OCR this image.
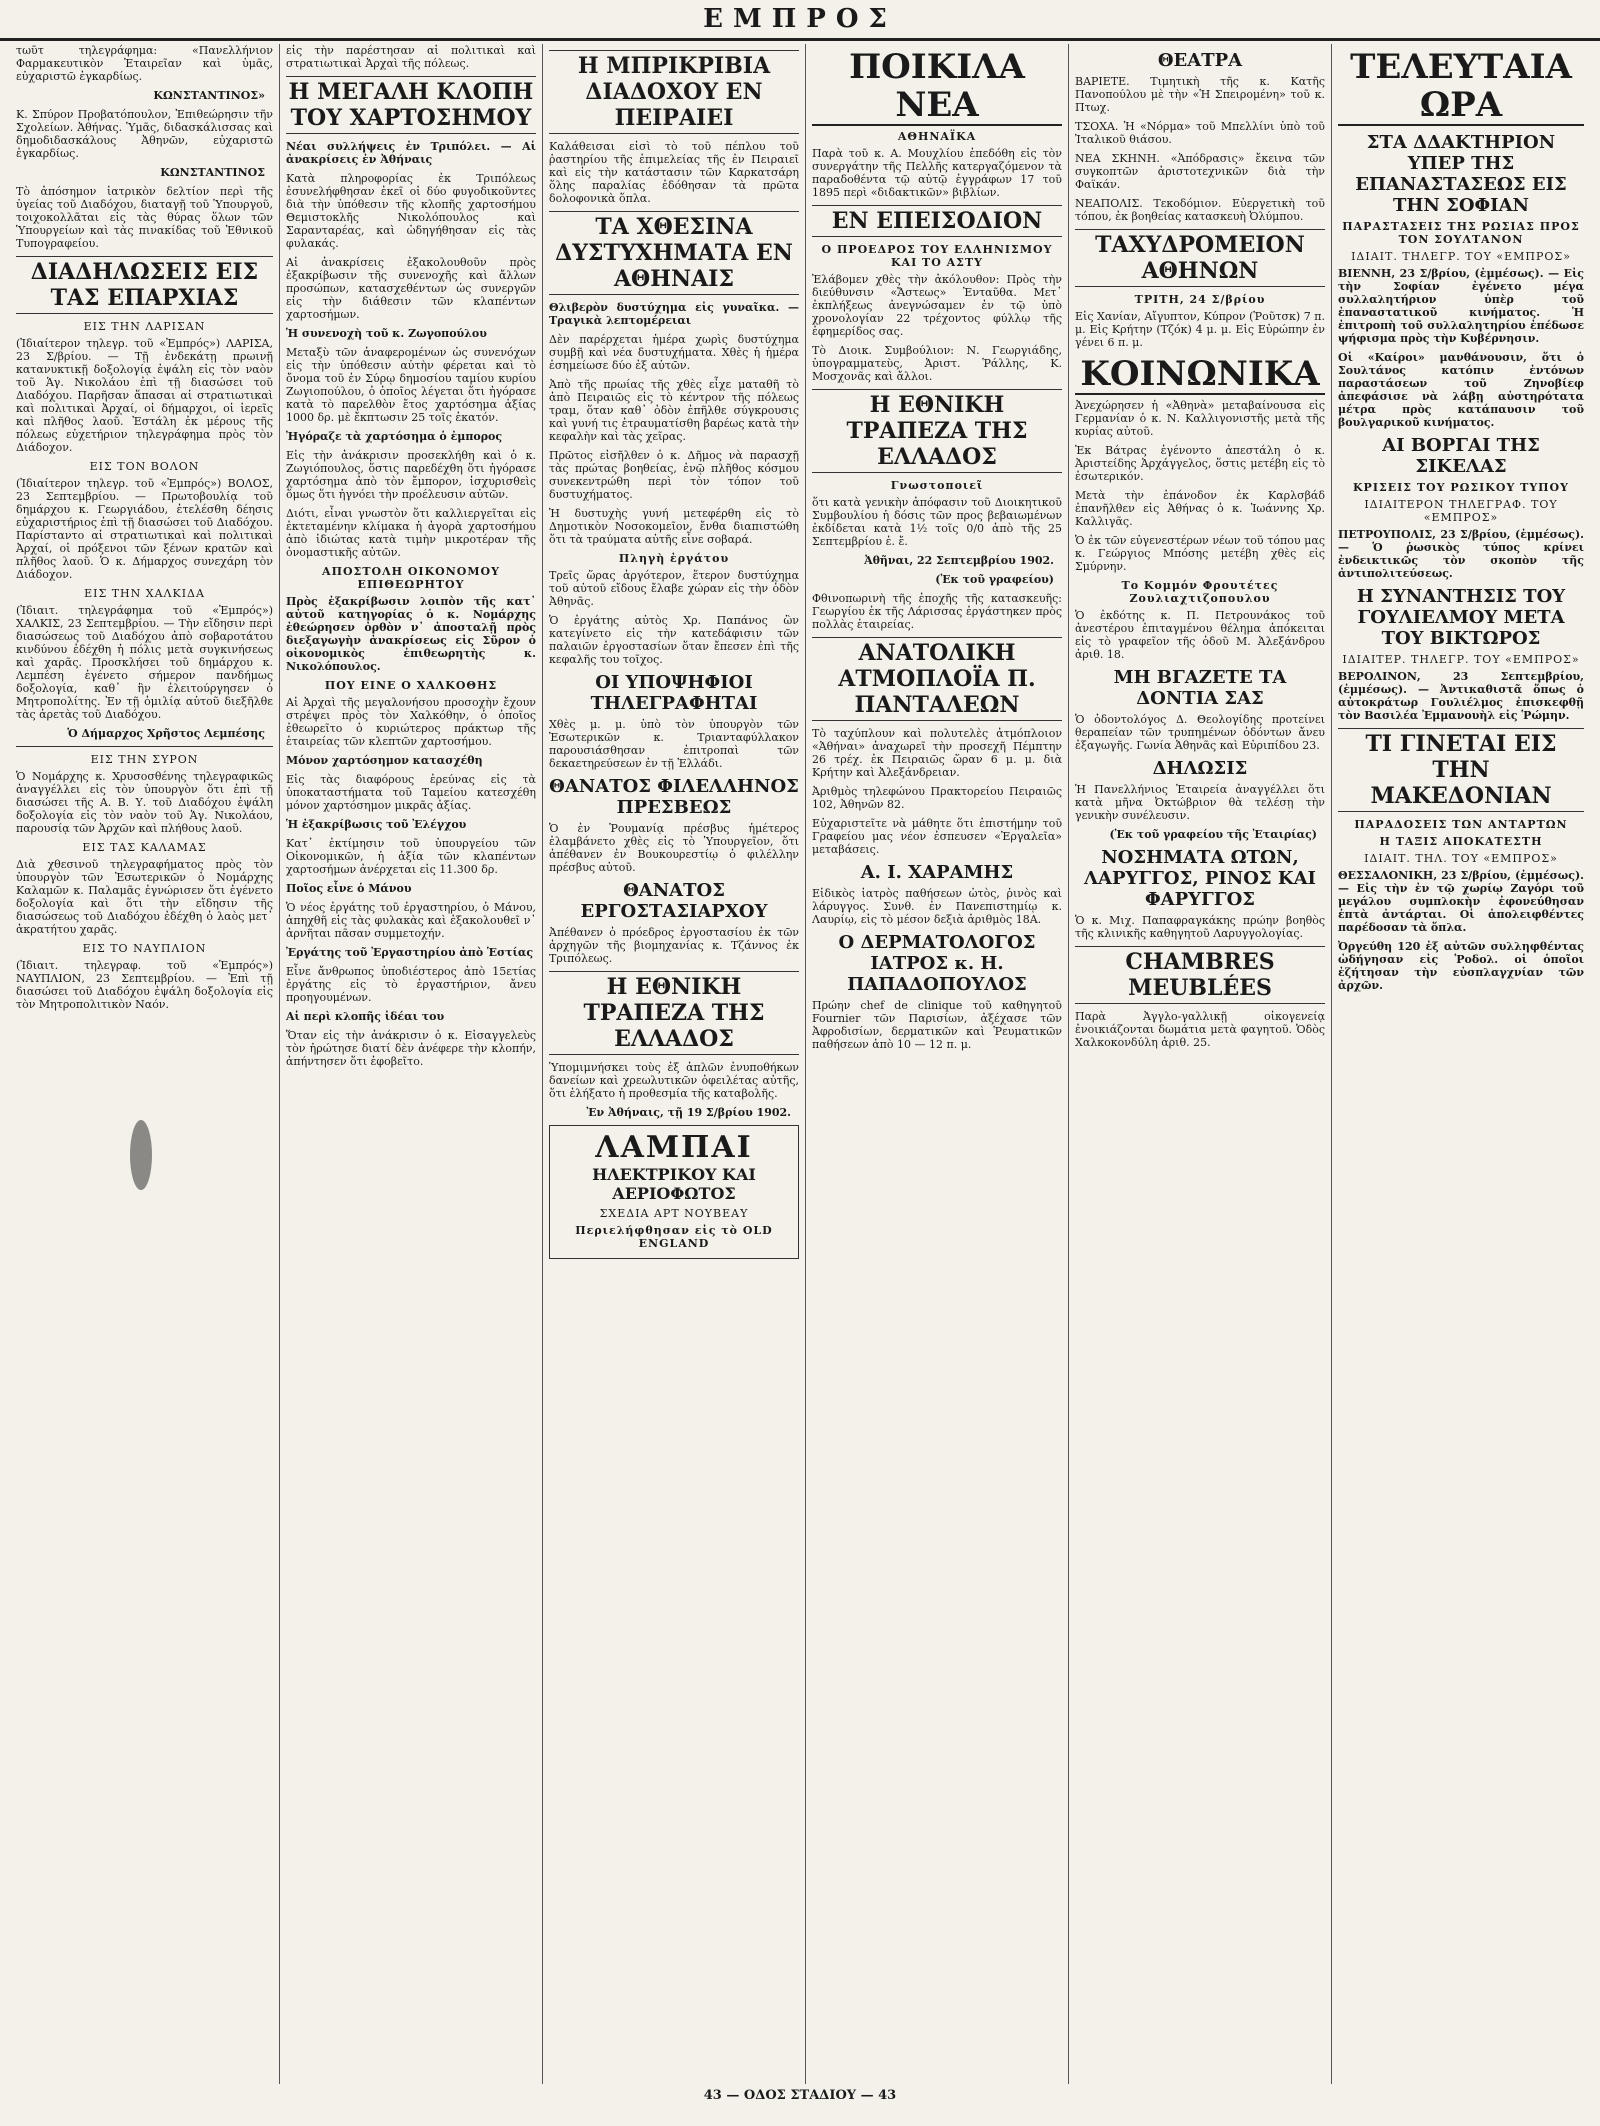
ΕΜΠΡΟΣ

τωῦτ τηλεγράφημα: «Πανελλήνιον Φαρμακευτικὸν Ἑταιρεῖαν καὶ ὑμᾶς, εὐχαριστῶ ἐγκαρδίως.

ΚΩΝΣΤΑΝΤΙΝΟΣ»

Κ. Σπύρον Προβατόπουλον, Ἐπιθεώρησιν τῆν Σχολείων. Ἀθήνας. Ὑμᾶς, διδασκάλισσας καὶ δημοδιδασκάλους Ἀθηνῶν, εὐχαριστῶ ἐγκαρδίως.

ΚΩΝΣΤΑΝΤΙΝΟΣ

Τὸ ἀπόσημον ἰατρικὸν δελτίον περὶ τῆς ὑγείας τοῦ Διαδόχου, διαταγῇ τοῦ Ὑπουργοῦ, τοιχοκολλᾶται εἰς τὰς θύρας ὅλων τῶν Ὑπουργείων καὶ τὰς πινακίδας τοῦ Ἐθνικοῦ Τυπογραφείου.

ΔΙΑΔΗΛΩΣΕΙΣ ΕΙΣ ΤΑΣ ΕΠΑΡΧΙΑΣ
ΕΙΣ ΤΗΝ ΛΑΡΙΣΑΝ

(Ἰδιαίτερον τηλεγρ. τοῦ «Ἐμπρός») ΛΑΡΙΣΑ, 23 Σ/βρίου. — Τῇ ἐνδεκάτῃ πρωινῇ κατανυκτικῇ δοξολογίᾳ ἐψάλη εἰς τὸν ναὸν τοῦ Ἁγ. Νικολάου ἐπὶ τῇ διασώσει τοῦ Διαδόχου. Παρῆσαν ἅπασαι αἱ στρατιωτικαὶ καὶ πολιτικαὶ Ἀρχαί, οἱ δήμαρχοι, οἱ ἱερεῖς καὶ πλῆθος λαοῦ. Ἐστάλη ἐκ μέρους τῆς πόλεως εὐχετήριον τηλεγράφημα πρὸς τὸν Διάδοχον.

ΕΙΣ ΤΟΝ ΒΟΛΟΝ

(Ἰδιαίτερον τηλεγρ. τοῦ «Ἐμπρός») ΒΟΛΟΣ, 23 Σεπτεμβρίου. — Πρωτοβουλίᾳ τοῦ δημάρχου κ. Γεωργιάδου, ἐτελέσθη δέησις εὐχαριστήριος ἐπὶ τῇ διασώσει τοῦ Διαδόχου. Παρίσταντο αἱ στρατιωτικαὶ καὶ πολιτικαὶ Ἀρχαί, οἱ πρόξενοι τῶν ξένων κρατῶν καὶ πλῆθος λαοῦ. Ὁ κ. Δήμαρχος συνεχάρη τὸν Διάδοχον.

ΕΙΣ ΤΗΝ ΧΑΛΚΙΔΑ

(Ἰδιαιτ. τηλεγράφημα τοῦ «Ἐμπρός») ΧΑΛΚΙΣ, 23 Σεπτεμβρίου. — Τὴν εἴδησιν περὶ διασώσεως τοῦ Διαδόχου ἀπὸ σοβαροτάτου κινδύνου ἐδέχθη ἡ πόλις μετὰ συγκινήσεως καὶ χαρᾶς. Προσκλήσει τοῦ δημάρχου κ. Λεμπέση ἐγένετο σήμερον πανδήμως δοξολογία, καθ᾽ ἣν ἐλειτούργησεν ὁ Μητροπολίτης. Ἐν τῇ ὁμιλίᾳ αὐτοῦ διεξῆλθε τὰς ἀρετὰς τοῦ Διαδόχου.

Ὁ Δήμαρχος Χρῆστος Λεμπέσης
ΕΙΣ ΤΗΝ ΣΥΡΟΝ

Ὁ Νομάρχης κ. Χρυσοσθένης τηλεγραφικῶς ἀναγγέλλει εἰς τὸν ὑπουργὸν ὅτι ἐπὶ τῇ διασώσει τῆς Α. Β. Υ. τοῦ Διαδόχου ἐψάλη δοξολογία εἰς τὸν ναὸν τοῦ Ἁγ. Νικολάου, παρουσίᾳ τῶν Ἀρχῶν καὶ πλήθους λαοῦ.

ΕΙΣ ΤΑΣ ΚΑΛΑΜΑΣ

Διὰ χθεσινοῦ τηλεγραφήματος πρὸς τὸν ὑπουργὸν τῶν Ἐσωτερικῶν ὁ Νομάρχης Καλαμῶν κ. Παλαμᾶς ἐγνώρισεν ὅτι ἐγένετο δοξολογία καὶ ὅτι τὴν εἴδησιν τῆς διασώσεως τοῦ Διαδόχου ἐδέχθη ὁ λαὸς μετ᾽ ἀκρατήτου χαρᾶς.

ΕΙΣ ΤΟ ΝΑΥΠΛΙΟΝ

(Ἰδιαιτ. τηλεγραφ. τοῦ «Ἐμπρός») ΝΑΥΠΛΙΟΝ, 23 Σεπτεμβρίου. — Ἐπὶ τῇ διασώσει τοῦ Διαδόχου ἐψάλη δοξολογία εἰς τὸν Μητροπολιτικὸν Ναόν.

εἰς τὴν παρέστησαν αἱ πολιτικαὶ καὶ στρατιωτικαὶ Ἀρχαὶ τῆς πόλεως.

Η ΜΕΓΑΛΗ ΚΛΟΠΗ ΤΟΥ ΧΑΡΤΟΣΗΜΟΥ

Νέαι συλλήψεις ἐν Τριπόλει. — Αἱ ἀνακρίσεις ἐν Ἀθήναις

Κατὰ πληροφορίας ἐκ Τριπόλεως ἐσυνελήφθησαν ἐκεῖ οἱ δύο φυγοδικοῦντες διὰ τὴν ὑπόθεσιν τῆς κλοπῆς χαρτοσήμου Θεμιστοκλῆς Νικολόπουλος καὶ Σαρανταρέας, καὶ ὡδηγήθησαν εἰς τὰς φυλακάς.

Αἱ ἀνακρίσεις ἐξακολουθοῦν πρὸς ἐξακρίβωσιν τῆς συνενοχῆς καὶ ἄλλων προσώπων, κατασχεθέντων ὡς συνεργῶν εἰς τὴν διάθεσιν τῶν κλαπέντων χαρτοσήμων.

Ἡ συνενοχὴ τοῦ κ. Ζωγοπούλου

Μεταξὺ τῶν ἀναφερομένων ὡς συνενόχων εἰς τὴν ὑπόθεσιν αὐτὴν φέρεται καὶ τὸ ὄνομα τοῦ ἐν Σύρῳ δημοσίου ταμίου κυρίου Ζωγιοπούλου, ὁ ὁποῖος λέγεται ὅτι ἠγόρασε κατὰ τὸ παρελθὸν ἔτος χαρτόσημα ἀξίας 1000 δρ. μὲ ἔκπτωσιν 25 τοῖς ἑκατόν.

Ἠγόραζε τὰ χαρτόσημα ὁ ἐμπορος

Εἰς τὴν ἀνάκρισιν προσεκλήθη καὶ ὁ κ. Ζωγιόπουλος, ὅστις παρεδέχθη ὅτι ἠγόρασε χαρτόσημα ἀπὸ τὸν ἔμπορον, ἰσχυρισθεὶς ὅμως ὅτι ἠγνόει τὴν προέλευσιν αὐτῶν.

Διότι, εἶναι γνωστὸν ὅτι καλλιεργεῖται εἰς ἐκτεταμένην κλίμακα ἡ ἀγορὰ χαρτοσήμου ἀπὸ ἰδιώτας κατὰ τιμὴν μικροτέραν τῆς ὀνομαστικῆς αὐτῶν.

ΑΠΟΣΤΟΛΗ ΟΙΚΟΝΟΜΟΥ ΕΠΙΘΕΩΡΗΤΟΥ

Πρὸς ἐξακρίβωσιν λοιπὸν τῆς κατ᾽ αὐτοῦ κατηγορίας ὁ κ. Νομάρχης ἐθεώρησεν ὀρθὸν ν᾽ ἀποσταλῇ πρὸς διεξαγωγὴν ἀνακρίσεως εἰς Σῦρον ὁ οἰκονομικὸς ἐπιθεωρητὴς κ. Νικολόπουλος.

ΠΟΥ ΕΙΝΕ Ο ΧΑΛΚΟΘΗΣ

Αἱ Ἀρχαὶ τῆς μεγαλονήσου προσοχὴν ἔχουν στρέψει πρὸς τὸν Χαλκόθην, ὁ ὁποῖος ἐθεωρεῖτο ὁ κυριώτερος πράκτωρ τῆς ἑταιρείας τῶν κλεπτῶν χαρτοσήμου.

Μόνον χαρτόσημον κατασχέθη

Εἰς τὰς διαφόρους ἐρεύνας εἰς τὰ ὑποκαταστήματα τοῦ Ταμείου κατεσχέθη μόνον χαρτόσημον μικρᾶς ἀξίας.

Ἡ ἐξακρίβωσις τοῦ Ἐλέγχου

Κατ᾽ ἐκτίμησιν τοῦ ὑπουργείου τῶν Οἰκονομικῶν, ἡ ἀξία τῶν κλαπέντων χαρτοσήμων ἀνέρχεται εἰς 11.300 δρ.

Ποῖος εἶνε ὁ Μάνου

Ὁ νέος ἐργάτης τοῦ ἐργαστηρίου, ὁ Μάνου, ἀπηχθῆ εἰς τὰς φυλακὰς καὶ ἐξακολουθεῖ ν᾽ ἀρνῆται πᾶσαν συμμετοχήν.

Ἐργάτης τοῦ Ἐργαστηρίου ἀπὸ Ἑστίας

Εἶνε ἄνθρωπος ὑποδιέστερος ἀπὸ 15ετίας ἐργάτης εἰς τὸ ἐργαστήριον, ἄνευ προηγουμένων.

Αἱ περὶ κλοπῆς ἰδέαι του

Ὅταν εἰς τὴν ἀνάκρισιν ὁ κ. Εἰσαγγελεὺς τὸν ἠρώτησε διατί δὲν ἀνέφερε τὴν κλοπήν, ἀπήντησεν ὅτι ἐφοβεῖτο.

Η ΜΠΡΙΚΡΙΒΙΑ ΔΙΑΔΟΧΟΥ ΕΝ ΠΕΙΡΑΙΕΙ

Καλάθεισαι εἰσὶ τὸ τοῦ πέπλου τοῦ ῥαστηρίου τῆς ἐπιμελείας τῆς ἐν Πειραιεῖ καὶ εἰς τὴν κατάστασιν τῶν Καρκατσάρη ὅλης παραλίας ἐδόθησαν τὰ πρῶτα δολοφονικὰ ὅπλα.

ΤΑ ΧΘΕΣΙΝΑ ΔΥΣΤΥΧΗΜΑΤΑ ΕΝ ΑΘΗΝΑΙΣ

Θλιβερὸν δυστύχημα εἰς γυναῖκα. — Τραγικὰ λεπτομέρειαι

Δὲν παρέρχεται ἡμέρα χωρὶς δυστύχημα συμβῇ καὶ νέα δυστυχήματα. Χθὲς ἡ ἡμέρα ἐσημείωσε δύο ἐξ αὐτῶν.

Ἀπὸ τῆς πρωίας τῆς χθὲς εἶχε ματαθῆ τὸ ἀπὸ Πειραιῶς εἰς τὸ κέντρον τῆς πόλεως τραμ, ὅταν καθ᾽ ὁδὸν ἐπῆλθε σύγκρουσις καὶ γυνή τις ἐτραυματίσθη βαρέως κατὰ τὴν κεφαλὴν καὶ τὰς χεῖρας.

Πρῶτος εἰσῆλθεν ὁ κ. Δῆμος νὰ παρασχῇ τὰς πρώτας βοηθείας, ἐνῷ πλῆθος κόσμου συνεκεντρώθη περὶ τὸν τόπον τοῦ δυστυχήματος.

Ἡ δυστυχὴς γυνή μετεφέρθη εἰς τὸ Δημοτικὸν Νοσοκομεῖον, ἔνθα διαπιστώθη ὅτι τὰ τραύματα αὐτῆς εἶνε σοβαρά.

Πληγὴ ἐργάτου

Τρεῖς ὥρας ἀργότερον, ἕτερον δυστύχημα τοῦ αὐτοῦ εἴδους ἔλαβε χώραν εἰς τὴν ὁδὸν Ἀθηνᾶς.

Ὁ ἐργάτης αὐτὸς Χρ. Παπάνος ὢν κατεγίνετο εἰς τὴν κατεδάφισιν τῶν παλαιῶν ἐργοστασίων ὅταν ἔπεσεν ἐπὶ τῆς κεφαλῆς του τοῖχος.

ΟΙ ΥΠΟΨΗΦΙΟΙ ΤΗΛΕΓΡΑΦΗΤΑΙ

Χθὲς μ. μ. ὑπὸ τὸν ὑπουργὸν τῶν Ἐσωτερικῶν κ. Τριανταφύλλακον παρουσιάσθησαν ἐπιτροπαὶ τῶν δεκαετηρεύσεων ἐν τῇ Ἑλλάδι.

ΘΑΝΑΤΟΣ ΦΙΛΕΛΛΗΝΟΣ ΠΡΕΣΒΕΩΣ

Ὁ ἐν Ῥουμανίᾳ πρέσβυς ἡμέτερος ἐλαμβάνετο χθὲς εἰς τὸ Ὑπουργεῖον, ὅτι ἀπέθανεν ἐν Βουκουρεστίῳ ὁ φιλέλλην πρέσβυς αὐτοῦ.

ΘΑΝΑΤΟΣ ΕΡΓΟΣΤΑΣΙΑΡΧΟΥ

Ἀπέθανεν ὁ πρόεδρος ἐργοστασίου ἐκ τῶν ἀρχηγῶν τῆς βιομηχανίας κ. Τζάννος ἐκ Τριπόλεως.

Η ΕΘΝΙΚΗ ΤΡΑΠΕΖΑ ΤΗΣ ΕΛΛΑΔΟΣ

Ὑπομιμνήσκει τοὺς ἐξ ἁπλῶν ἐνυποθήκων δανείων καὶ χρεωλυτικῶν ὀφειλέτας αὐτῆς, ὅτι ἐλήξατο ἡ προθεσμία τῆς καταβολῆς.

Ἐν Ἀθήναις, τῇ 19 Σ/βρίου 1902.
ΛΑΜΠΑΙ
ΗΛΕΚΤΡΙΚΟΥ ΚΑΙ ΑΕΡΙΟΦΩΤΟΣ
ΣΧΕΔΙΑ ΑΡΤ ΝΟΥΒΕΑΥ
Περιελήφθησαν εἰς τὸ OLD ENGLAND
ΠΟΙΚΙΛΑ ΝΕΑ
ΑΘΗΝΑΪΚΑ

Παρὰ τοῦ κ. Α. Μουχλίου ἐπεδόθη εἰς τὸν συνεργάτην τῆς Πελλῆς κατεργαζόμενον τὰ παραδοθέντα τῷ αὐτῷ ἐγγράφων 17 τοῦ 1895 περὶ «διδακτικῶν» βιβλίων.

ΕΝ ΕΠΕΙΣΟΔΙΟΝ
Ο ΠΡΟΕΔΡΟΣ ΤΟΥ ΕΛΛΗΝΙΣΜΟΥ ΚΑΙ ΤΟ ΑΣΤΥ

Ἐλάβομεν χθὲς τὴν ἀκόλουθον: Πρὸς τὴν διεύθυνσιν «Ἄστεως» Ἐνταῦθα. Μετ᾽ ἐκπλήξεως ἀνεγνώσαμεν ἐν τῷ ὑπὸ χρονολογίαν 22 τρέχοντος φύλλῳ τῆς ἐφημερίδος σας.

Τὸ Διοικ. Συμβούλιον: Ν. Γεωργιάδης, ὑπογραμματεὺς, Ἀριστ. Ῥάλλης, Κ. Μοσχονᾶς καὶ ἄλλοι.

Η ΕΘΝΙΚΗ ΤΡΑΠΕΖΑ ΤΗΣ ΕΛΛΑΔΟΣ
Γνωστοποιεῖ

ὅτι κατὰ γενικὴν ἀπόφασιν τοῦ Διοικητικοῦ Συμβουλίου ἡ δόσις τῶν προς βεβαιωμένων ἐκδίδεται κατὰ 1½ τοῖς 0/0 ἀπὸ τῆς 25 Σεπτεμβρίου ἐ. ἔ.

Ἀθῆναι, 22 Σεπτεμβρίου 1902.
(Ἐκ τοῦ γραφείου)

Φθινοπωρινὴ τῆς ἐποχῆς τῆς κατασκευῆς: Γεωργίου ἐκ τῆς Λάρισσας ἐργάστηκεν πρὸς πολλὰς ἑταιρείας.

ΑΝΑΤΟΛΙΚΗ ΑΤΜΟΠΛΟΪΑ Π. ΠΑΝΤΑΛΕΩΝ

Τὸ ταχύπλουν καὶ πολυτελὲς ἀτμόπλοιον «Ἀθήναι» ἀναχωρεῖ τὴν προσεχῆ Πέμπτην 26 τρέχ. ἐκ Πειραιῶς ὥραν 6 μ. μ. διὰ Κρήτην καὶ Ἀλεξάνδρειαν.

Ἀριθμὸς τηλεφώνου Πρακτορείου Πειραιῶς 102, Ἀθηνῶν 82.

Εὐχαριστεῖτε νὰ μάθητε ὅτι ἐπιστήμην τοῦ Γραφείου μας νέον ἐσπευσεν «Ἐργαλεῖα» μεταβάσεις.

Α. Ι. ΧΑΡΑΜΗΣ

Εἰδικὸς ἰατρὸς παθήσεων ὠτὸς, ῥινὸς καὶ λάρυγγος. Συνθ. ἐν Πανεπιστημίῳ κ. Λαυρίῳ, εἰς τὸ μέσον δεξιὰ ἀριθμὸς 18Α.

Ο ΔΕΡΜΑΤΟΛΟΓΟΣ ΙΑΤΡΟΣ κ. Η. ΠΑΠΑΔΟΠΟΥΛΟΣ

Πρώην chef de clinique τοῦ καθηγητοῦ Fournier τῶν Παρισίων, ἀξέχασε τῶν Ἀφροδισίων, δερματικῶν καὶ Ῥευματικῶν παθήσεων ἀπὸ 10 — 12 π. μ.

ΘΕΑΤΡΑ

ΒΑΡΙΕΤΕ. Τιμητικὴ τῆς κ. Κατῆς Πανοπούλου μὲ τὴν «Ἡ Σπειρομένη» τοῦ κ. Πτωχ.

ΤΣΟΧΑ. Ἡ «Νόρμα» τοῦ Μπελλίνι ὑπὸ τοῦ Ἰταλικοῦ θιάσου.

ΝΕΑ ΣΚΗΝΗ. «Ἀπόδρασις» ἔκεινα τῶν συγκοπτῶν ἀριστοτεχνικῶν διὰ τὴν Φαϊκάν.

ΝΕΑΠΟΛΙΣ. Τεκοδόμιον. Εὐεργετικὴ τοῦ τόπου, ἐκ βοηθείας κατασκευὴ Ὀλύμπου.

ΤΑΧΥΔΡΟΜΕΙΟΝ ΑΘΗΝΩΝ
ΤΡΙΤΗ, 24 Σ/βρίου

Εἰς Χανίαν, Αἴγυπτον, Κύπρον (Ῥοῦτσκ) 7 π. μ. Εἰς Κρήτην (Τζόκ) 4 μ. μ. Εἰς Εὐρώπην ἐν γένει 6 π. μ.

ΚΟΙΝΩΝΙΚΑ

Ἀνεχώρησεν ἡ «Ἀθηνὰ» μεταβαίνουσα εἰς Γερμανίαν ὁ κ. Ν. Καλλιγονιστῆς μετὰ τῆς κυρίας αὐτοῦ.

Ἐκ Βάτρας ἐγένοντο ἀπεστάλη ὁ κ. Ἀριστείδης Ἀρχάγγελος, ὅστις μετέβη εἰς τὸ ἐσωτερικόν.

Μετὰ τὴν ἐπάνοδον ἐκ Καρλσβάδ ἐπανῆλθεν εἰς Ἀθήνας ὁ κ. Ἰωάννης Χρ. Καλλιγᾶς.

Ὁ ἐκ τῶν εὐγενεστέρων νέων τοῦ τόπου μας κ. Γεώργιος Μπόσης μετέβη χθὲς εἰς Σμύρνην.

Το Κομμόν Φρουτέτες Ζουλιαχτιζοπουλου

Ὁ ἐκδότης κ. Π. Πετρουνάκος τοῦ ἀνεστέρου ἐπιταγμένου θέλημα ἀπόκειται εἰς τὸ γραφεῖον τῆς ὁδοῦ Μ. Ἀλεξάνδρου ἀριθ. 18.

ΜΗ ΒΓΑΖΕΤΕ ΤΑ ΔΟΝΤΙΑ ΣΑΣ

Ὁ ὀδοντολόγος Δ. Θεολογίδης προτείνει θεραπείαν τῶν τρυπημένων ὀδόντων ἄνευ ἐξαγωγῆς. Γωνία Ἀθηνᾶς καὶ Εὐριπίδου 23.

ΔΗΛΩΣΙΣ

Ἡ Πανελλήνιος Ἑταιρεία ἀναγγέλλει ὅτι κατὰ μῆνα Ὀκτώβριον θὰ τελέσῃ τὴν γενικὴν συνέλευσιν.

(Ἐκ τοῦ γραφείου τῆς Ἑταιρίας)
ΝΟΣΗΜΑΤΑ ΩΤΩΝ, ΛΑΡΥΓΓΟΣ, ΡΙΝΟΣ ΚΑΙ ΦΑΡΥΓΓΟΣ

Ὁ κ. Μιχ. Παπαφραγκάκης πρώην βοηθὸς τῆς κλινικῆς καθηγητοῦ Λαρυγγολογίας.

CHAMBRES MEUBLÉES

Παρὰ Ἀγγλο-γαλλικῇ οἰκογενείᾳ ἐνοικιάζονται δωμάτια μετὰ φαγητοῦ. Ὁδὸς Χαλκοκονδύλη ἀριθ. 25.

ΤΕΛΕΥΤΑΙΑ ΩΡΑ
ΣΤΑ ΔΔΑΚΤΗΡΙΟΝ ΥΠΕΡ ΤΗΣ ΕΠΑΝΑΣΤΑΣΕΩΣ ΕΙΣ ΤΗΝ ΣΟΦΙΑΝ
ΠΑΡΑΣΤΑΣΕΙΣ ΤΗΣ ΡΩΣΙΑΣ ΠΡΟΣ ΤΟΝ ΣΟΥΛΤΑΝΟΝ
ΙΔΙΑΙΤ. ΤΗΛΕΓΡ. ΤΟΥ «ΕΜΠΡΟΣ»

ΒΙΕΝΝΗ, 23 Σ/βρίου, (ἐμμέσως). — Εἰς τὴν Σοφίαν ἐγένετο μέγα συλλαλητήριον ὑπὲρ τοῦ ἐπαναστατικοῦ κινήματος. Ἡ ἐπιτροπὴ τοῦ συλλαλητηρίου ἐπέδωσε ψήφισμα πρὸς τὴν Κυβέρνησιν.

Οἱ «Καίροι» μανθάνουσιν, ὅτι ὁ Σουλτάνος κατόπιν ἐντόνων παραστάσεων τοῦ Ζηνοβίεφ ἀπεφάσισε νὰ λάβῃ αὐστηρότατα μέτρα πρὸς κατάπαυσιν τοῦ βουλγαρικοῦ κινήματος.

ΑΙ ΒΟΡΓΑΙ ΤΗΣ ΣΙΚΕΛΑΣ
ΚΡΙΣΕΙΣ ΤΟΥ ΡΩΣΙΚΟΥ ΤΥΠΟΥ
ΙΔΙΑΙΤΕΡΟΝ ΤΗΛΕΓΡΑΦ. ΤΟΥ «ΕΜΠΡΟΣ»

ΠΕΤΡΟΥΠΟΛΙΣ, 23 Σ/βρίου, (ἐμμέσως). — Ὁ ῥωσικὸς τύπος κρίνει ἐνδεικτικῶς τὸν σκοπὸν τῆς ἀντιπολιτεύσεως.

Η ΣΥΝΑΝΤΗΣΙΣ ΤΟΥ ΓΟΥΛΙΕΛΜΟΥ ΜΕΤΑ ΤΟΥ ΒΙΚΤΩΡΟΣ
ΙΔΙΑΙΤΕΡ. ΤΗΛΕΓΡ. ΤΟΥ «ΕΜΠΡΟΣ»

ΒΕΡΟΛΙΝΟΝ, 23 Σεπτεμβρίου, (ἐμμέσως). — Ἀντικαθιστᾶ ὅπως ὁ αὐτοκράτωρ Γουλιέλμος ἐπισκεφθῇ τὸν Βασιλέα Ἐμμανουὴλ εἰς Ῥώμην.

ΤΙ ΓΙΝΕΤΑΙ ΕΙΣ ΤΗΝ ΜΑΚΕΔΟΝΙΑΝ
ΠΑΡΑΔΟΣΕΙΣ ΤΩΝ ΑΝΤΑΡΤΩΝ
Η ΤΑΞΙΣ ΑΠΟΚΑΤΕΣΤΗ
ΙΔΙΑΙΤ. ΤΗΛ. ΤΟΥ «ΕΜΠΡΟΣ»

ΘΕΣΣΑΛΟΝΙΚΗ, 23 Σ/βρίου, (ἐμμέσως). — Εἰς τὴν ἐν τῷ χωρίῳ Ζαγόρι τοῦ μεγάλου συμπλοκὴν ἐφονεύθησαν ἑπτὰ ἀντάρται. Οἱ ἀπολειφθέντες παρέδοσαν τὰ ὅπλα.

Ὀργεύθη 120 ἐξ αὐτῶν συλληφθέντας ὡδήγησαν εἰς Ῥοδολ. οἱ ὁποῖοι ἐζήτησαν τὴν εὐσπλαγχνίαν τῶν ἀρχῶν.

43 — ΟΔΟΣ ΣΤΑΔΙΟΥ — 43
